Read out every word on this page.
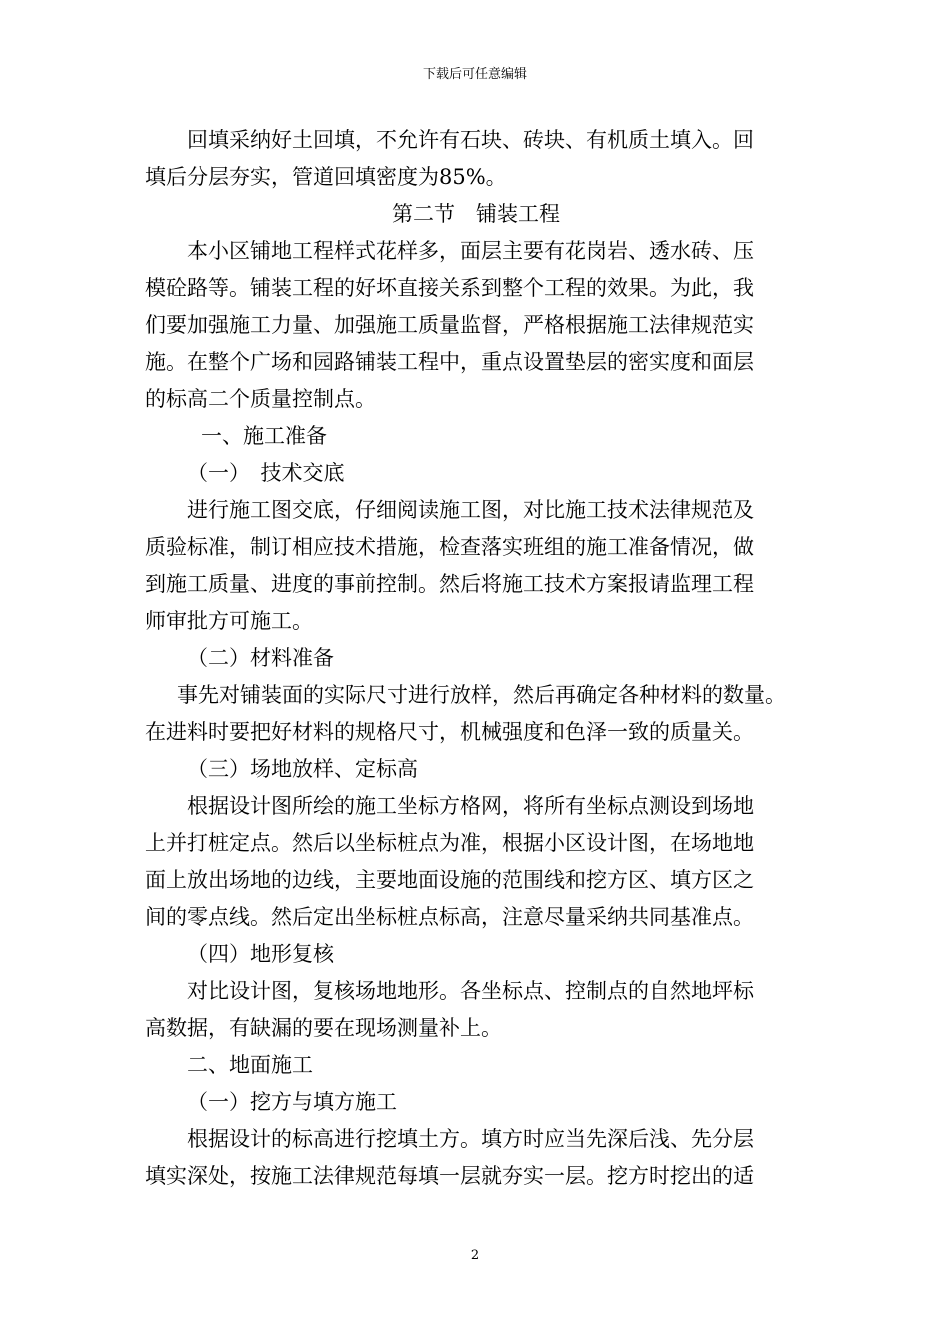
下载后可任意编辑
回填采纳好土回填，不允许有石块、砖块、有机质土填入。回
填后分层夯实，管道回填密度为85%。
第二节　铺装工程
本小区铺地工程样式花样多，面层主要有花岗岩、透水砖、压
模砼路等。铺装工程的好坏直接关系到整个工程的效果。为此，我
们要加强施工力量、加强施工质量监督，严格根据施工法律规范实
施。在整个广场和园路铺装工程中，重点设置垫层的密实度和面层
的标高二个质量控制点。
一、施工准备
（一）　技术交底
进行施工图交底，仔细阅读施工图，对比施工技术法律规范及
质验标准，制订相应技术措施，检查落实班组的施工准备情况，做
到施工质量、进度的事前控制。然后将施工技术方案报请监理工程
师审批方可施工。
（二）材料准备
事先对铺装面的实际尺寸进行放样，然后再确定各种材料的数量。
在进料时要把好材料的规格尺寸，机械强度和色泽一致的质量关。
（三）场地放样、定标高
根据设计图所绘的施工坐标方格网，将所有坐标点测设到场地
上并打桩定点。然后以坐标桩点为准，根据小区设计图，在场地地
面上放出场地的边线，主要地面设施的范围线和挖方区、填方区之
间的零点线。然后定出坐标桩点标高，注意尽量采纳共同基准点。
（四）地形复核
对比设计图，复核场地地形。各坐标点、控制点的自然地坪标
高数据，有缺漏的要在现场测量补上。
二、地面施工
（一）挖方与填方施工
根据设计的标高进行挖填土方。填方时应当先深后浅、先分层
填实深处，按施工法律规范每填一层就夯实一层。挖方时挖出的适
2
